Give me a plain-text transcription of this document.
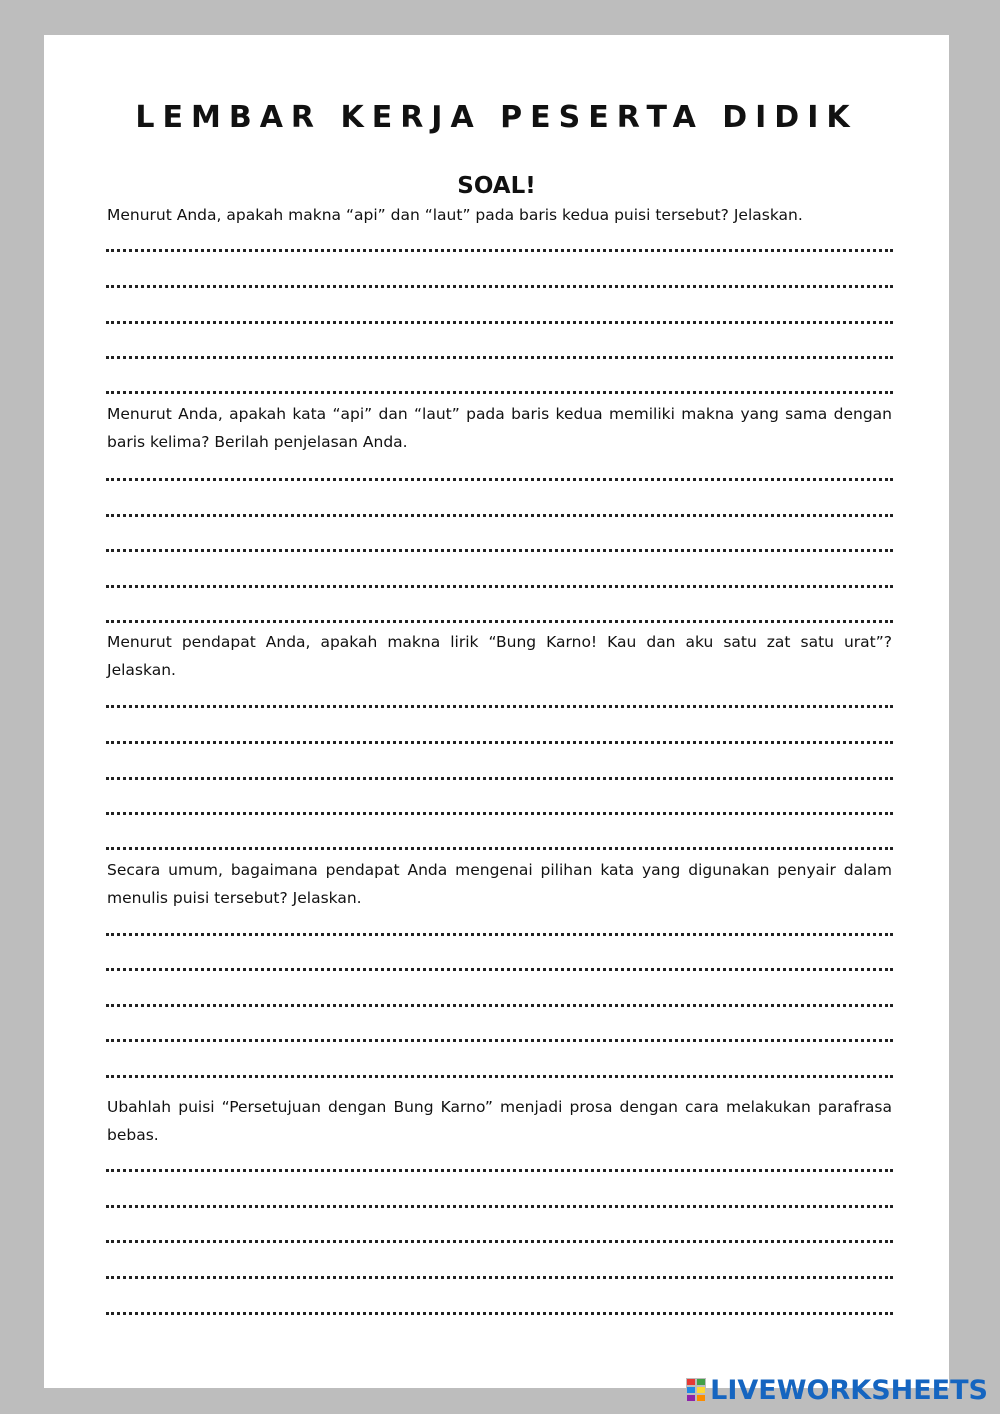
LEMBAR KERJA PESERTA DIDIK
SOAL!

Menurut Anda, apakah makna “api” dan “laut” pada baris kedua puisi tersebut? Jelaskan.

Menurut Anda, apakah kata “api” dan “laut” pada baris kedua memiliki makna yang sama dengan baris kelima? Berilah penjelasan Anda.

Menurut pendapat Anda, apakah makna lirik “Bung Karno! Kau dan aku satu zat satu urat”? Jelaskan.

Secara umum, bagaimana pendapat Anda mengenai pilihan kata yang digunakan penyair dalam menulis puisi tersebut? Jelaskan.

Ubahlah puisi “Persetujuan dengan Bung Karno” menjadi prosa dengan cara melakukan parafrasa bebas.

LIVEWORKSHEETS
